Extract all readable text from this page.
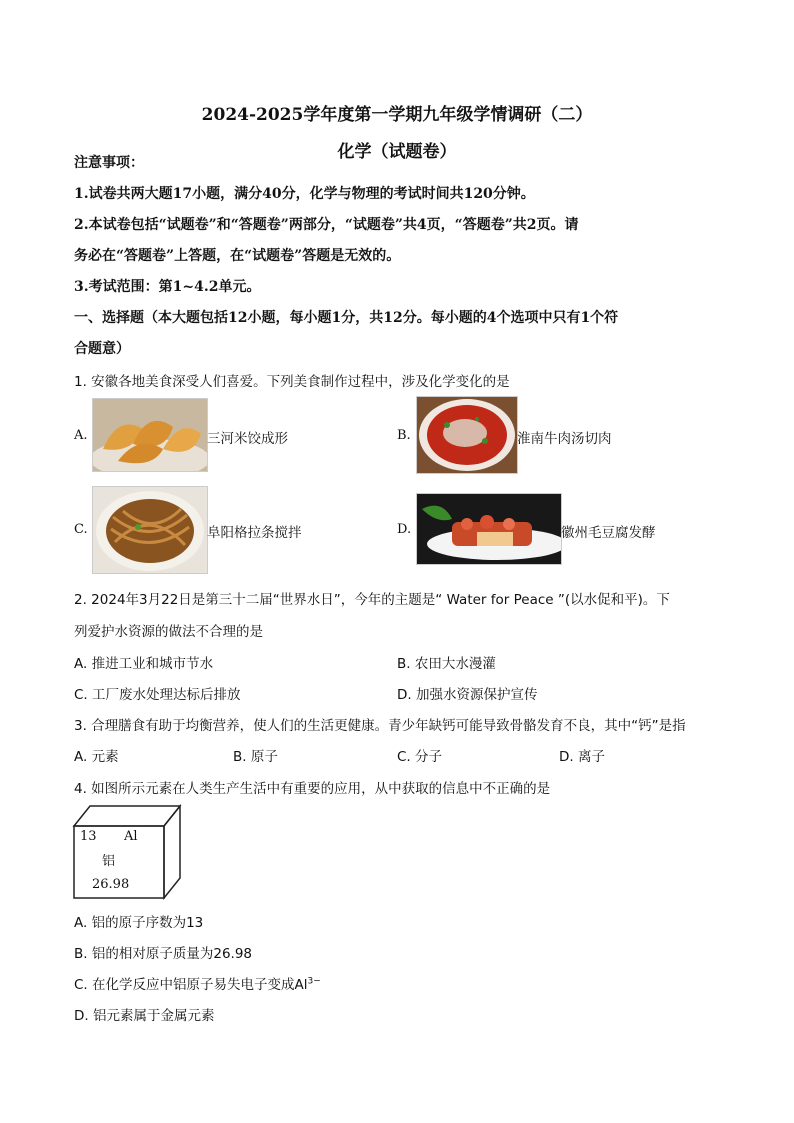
2024-2025学年度第一学期九年级学情调研（二）
化学（试题卷）
注意事项：
1.试卷共两大题17小题，满分40分，化学与物理的考试时间共120分钟。
2.本试卷包括“试题卷”和“答题卷”两部分，“试题卷”共4页，“答题卷”共2页。请
务必在“答题卷”上答题，在“试题卷”答题是无效的。
3.考试范围：第1~4.2单元。
一、选择题（本大题包括12小题，每小题1分，共12分。每小题的4个选项中只有1个符
合题意）
1. 安徽各地美食深受人们喜爱。下列美食制作过程中，涉及化学变化的是
A.	三河米饺成形	B.	淮南牛肉汤切肉
C.	阜阳格拉条搅拌	D.	徽州毛豆腐发酵
2. 2024年3月22日是第三十二届“世界水日”，今年的主题是“ Water for Peace ”(以水促和平)。下
列爱护水资源的做法不合理的是
A. 推进工业和城市节水	B. 农田大水漫灌
C. 工厂废水处理达标后排放	D. 加强水资源保护宣传
3. 合理膳食有助于均衡营养，使人们的生活更健康。青少年缺钙可能导致骨骼发育不良，其中“钙”是指
A. 元素	B. 原子	C. 分子	D. 离子
4. 如图所示元素在人类生产生活中有重要的应用，从中获取的信息中不正确的是
13 Al
铝
26.98
A. 铝的原子序数为13
B. 铝的相对原子质量为26.98
C. 在化学反应中铝原子易失电子变成$Al^{3-}$
D. 铝元素属于金属元素
